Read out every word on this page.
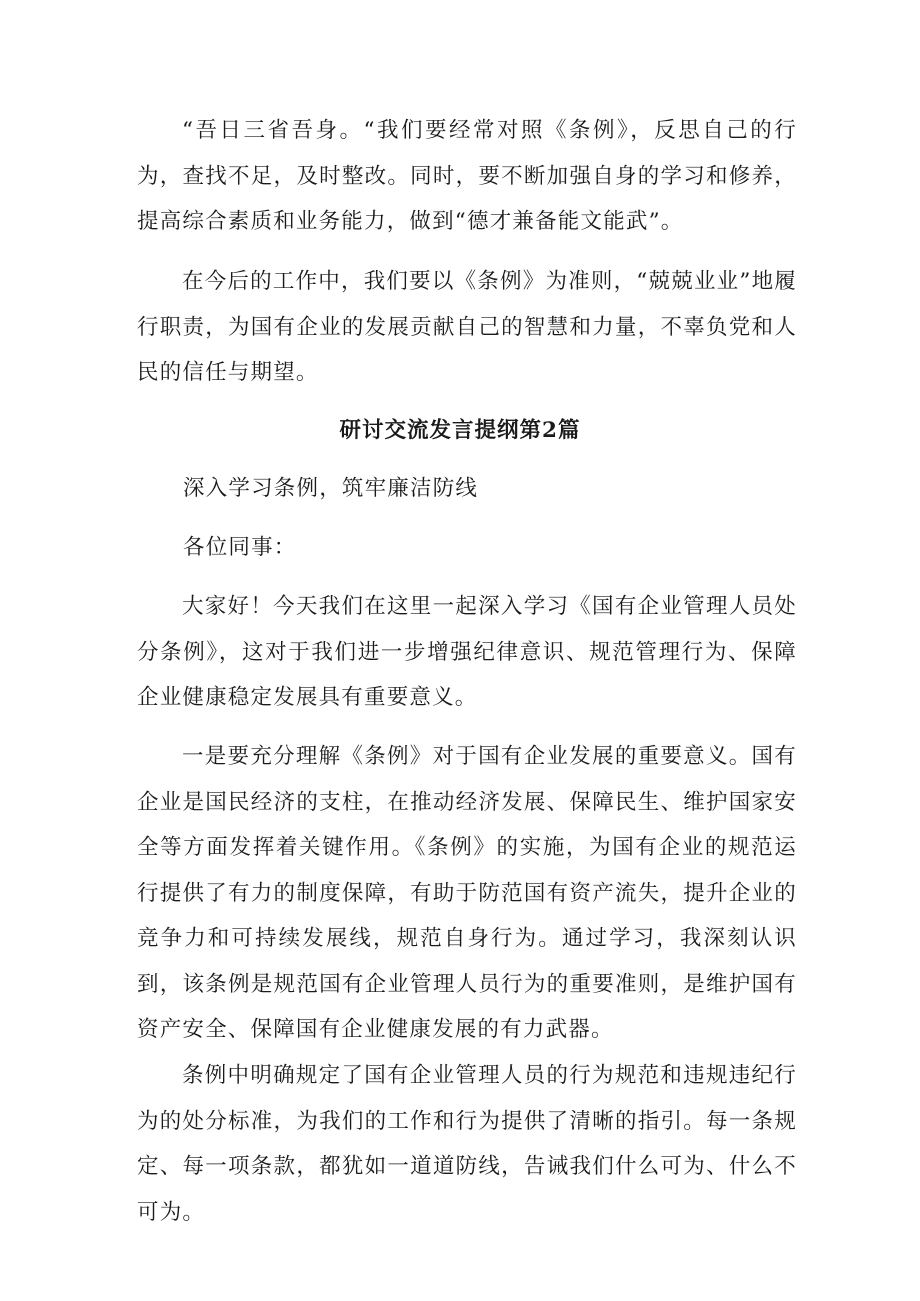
“吾日三省吾身。“我们要经常对照《条例》，反思自己的行为，查找不足，及时整改。同时，要不断加强自身的学习和修养，提高综合素质和业务能力，做到“德才兼备能文能武”。

在今后的工作中，我们要以《条例》为准则，“兢兢业业”地履行职责，为国有企业的发展贡献自己的智慧和力量，不辜负党和人民的信任与期望。

研讨交流发言提纲第2篇

深入学习条例，筑牢廉洁防线

各位同事：

大家好！今天我们在这里一起深入学习《国有企业管理人员处分条例》，这对于我们进一步增强纪律意识、规范管理行为、保障企业健康稳定发展具有重要意义。

一是要充分理解《条例》对于国有企业发展的重要意义。国有企业是国民经济的支柱，在推动经济发展、保障民生、维护国家安全等方面发挥着关键作用。《条例》的实施，为国有企业的规范运行提供了有力的制度保障，有助于防范国有资产流失，提升企业的竞争力和可持续发展线，规范自身行为。通过学习，我深刻认识到，该条例是规范国有企业管理人员行为的重要准则，是维护国有资产安全、保障国有企业健康发展的有力武器。

条例中明确规定了国有企业管理人员的行为规范和违规违纪行为的处分标准，为我们的工作和行为提供了清晰的指引。每一条规定、每一项条款，都犹如一道道防线，告诫我们什么可为、什么不可为。
